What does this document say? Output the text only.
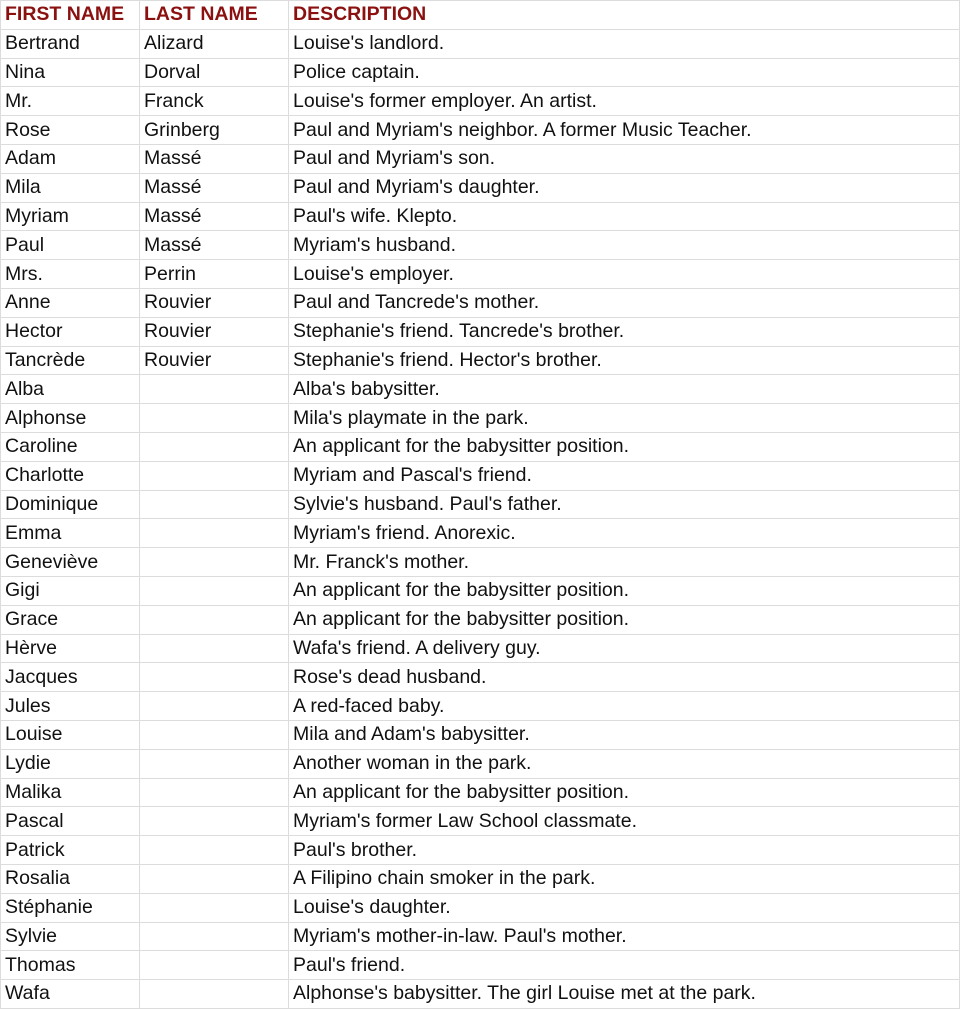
FIRST NAME	LAST NAME	DESCRIPTION
Bertrand	Alizard	Louise's landlord.
Nina	Dorval	Police captain.
Mr.	Franck	Louise's former employer. An artist.
Rose	Grinberg	Paul and Myriam's neighbor. A former Music Teacher.
Adam	Massé	Paul and Myriam's son.
Mila	Massé	Paul and Myriam's daughter.
Myriam	Massé	Paul's wife. Klepto.
Paul	Massé	Myriam's husband.
Mrs.	Perrin	Louise's employer.
Anne	Rouvier	Paul and Tancrede's mother.
Hector	Rouvier	Stephanie's friend. Tancrede's brother.
Tancrède	Rouvier	Stephanie's friend. Hector's brother.
Alba		Alba's babysitter.
Alphonse		Mila's playmate in the park.
Caroline		An applicant for the babysitter position.
Charlotte		Myriam and Pascal's friend.
Dominique		Sylvie's husband. Paul's father.
Emma		Myriam's friend. Anorexic.
Geneviève		Mr. Franck's mother.
Gigi		An applicant for the babysitter position.
Grace		An applicant for the babysitter position.
Hèrve		Wafa's friend. A delivery guy.
Jacques		Rose's dead husband.
Jules		A red-faced baby.
Louise		Mila and Adam's babysitter.
Lydie		Another woman in the park.
Malika		An applicant for the babysitter position.
Pascal		Myriam's former Law School classmate.
Patrick		Paul's brother.
Rosalia		A Filipino chain smoker in the park.
Stéphanie		Louise's daughter.
Sylvie		Myriam's mother-in-law. Paul's mother.
Thomas		Paul's friend.
Wafa		Alphonse's babysitter. The girl Louise met at the park.
